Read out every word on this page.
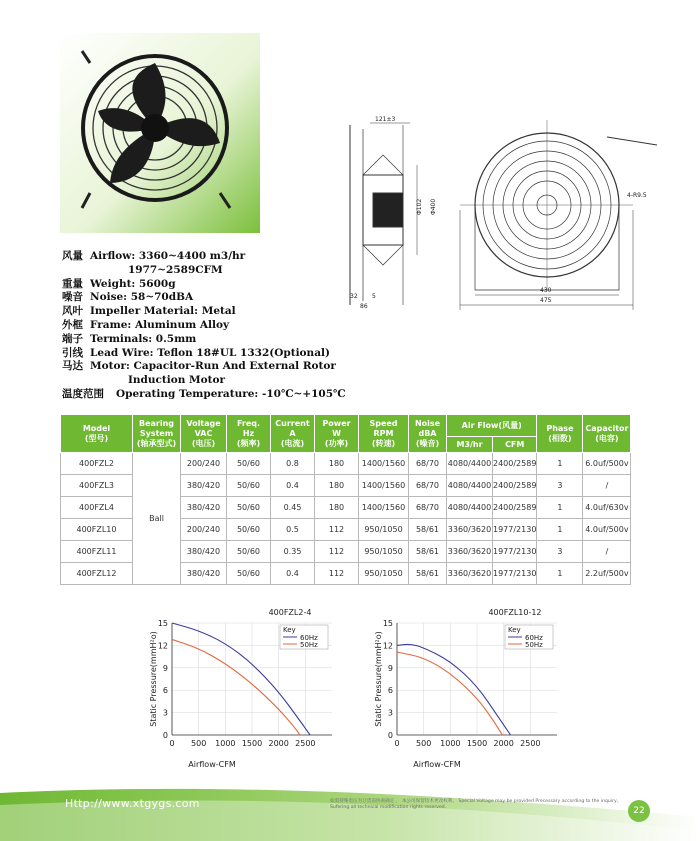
121±3
Φ102 Φ400
32 5
86
4-R9.5
430
475
风量 Airflow:
3360~4400 m3/hr
1977~2589CFM
重量 Weight:
5600g
噪音 Noise:
58~70dBA
风叶 Impeller Material:
Metal
外框 Frame:
Aluminum Alloy
端子 Terminals:
0.5mm
引线 Lead Wire:
Teflon 18#UL 1332(Optional)
马达 Motor:
Capacitor-Run And External Rotor
Induction Motor
温度范围	Operating Temperature:
-10℃~+105℃
Model
(型号)	Bearing
System
(轴承型式)	Voltage
VAC
(电压)	Freq.
Hz
(频率)	Current
A
(电流)	Power
W
(功率)	Speed
RPM
(转速)	Noise
dBA
(噪音)	Air Flow(风量)		Phase
(相数)	Capacitor
(电容)
								M3/hr	CFM		
400FZL2	Ball	200/240	50/60	0.8	180	1400/1560	68/70	4080/4400	2400/2589	1	6.0uf/500v
400FZL3		380/420	50/60	0.4	180	1400/1560	68/70	4080/4400	2400/2589	3	/
400FZL4		380/420	50/60	0.45	180	1400/1560	68/70	4080/4400	2400/2589	1	4.0uf/630v
400FZL10		200/240	50/60	0.5	112	950/1050	58/61	3360/3620	1977/2130	1	4.0uf/500v
400FZL11		380/420	50/60	0.35	112	950/1050	58/61	3360/3620	1977/2130	3	/
400FZL12		380/420	50/60	0.4	112	950/1050	58/61	3360/3620	1977/2130	1	2.2uf/500v
400FZL2-4
0
3
6
9
12
15
0 500 1000 1500 2000 2500
Airflow-CFM
Static Pressure(mmH²o)
Key
60Hz
50Hz
400FZL10-12
0
3
6
9
12
15
0 500 1000 1500 2000 2500
Airflow-CFM
Static Pressure(mmH²o)
Key
60Hz
50Hz
Http://www.xtgygs.com	如需特殊电压为订货前协商确定 ， 本公司保留技术更改权利。 Special Voltage may be provided Precessary according to the inquiry, Sufering all technical modification rights reserved.	22
